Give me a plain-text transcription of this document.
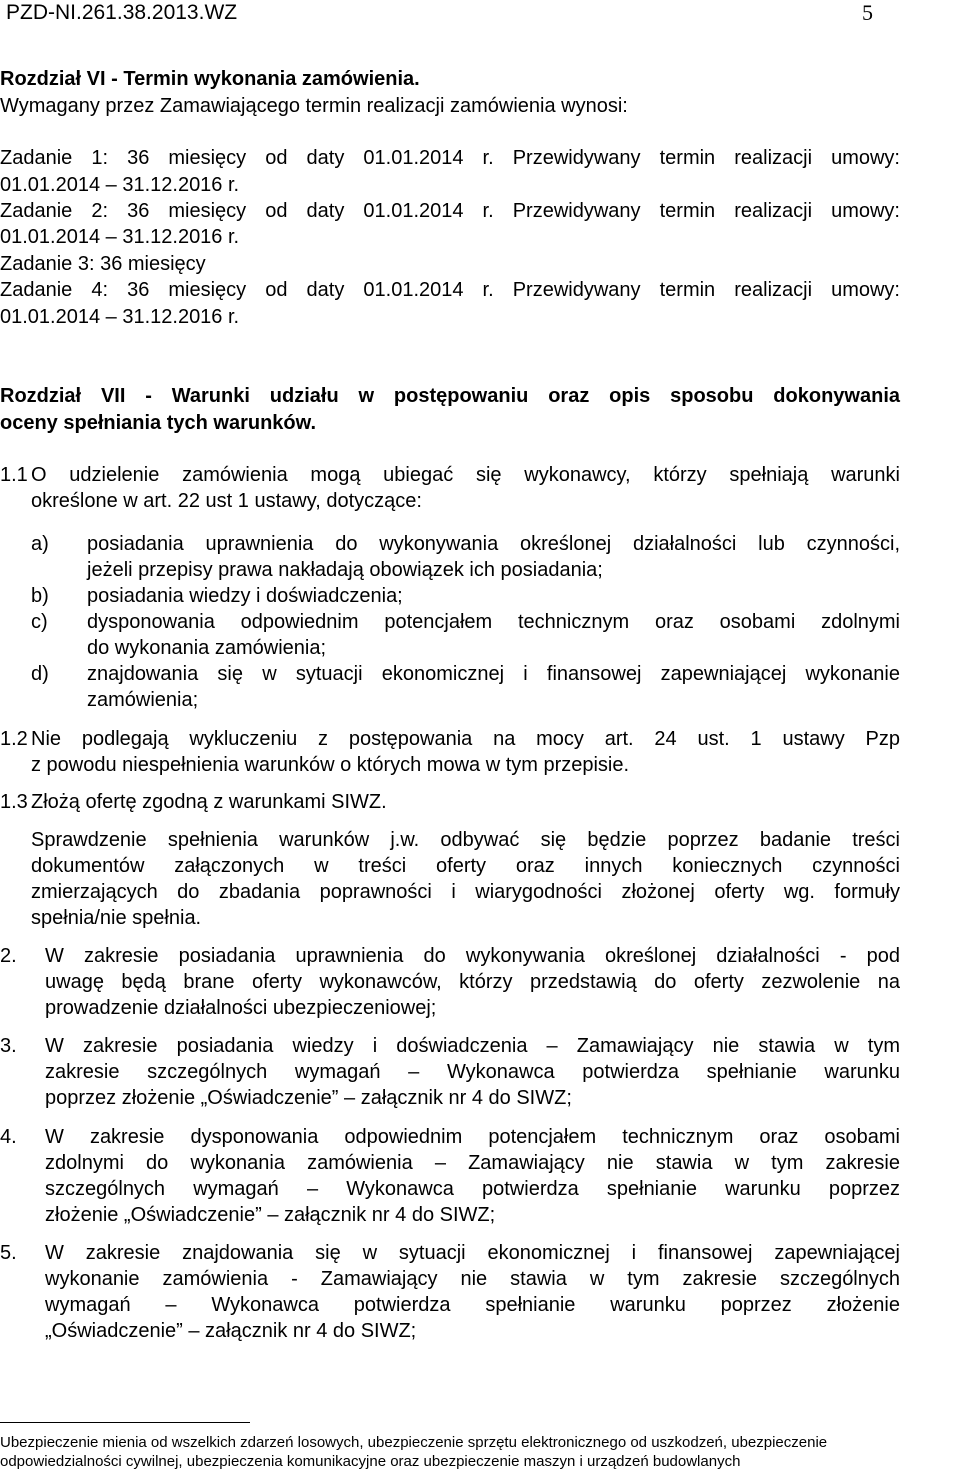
PZD-NI.261.38.2013.WZ	5
Rozdział VI - Termin wykonania zamówienia.
Wymagany przez Zamawiającego termin realizacji zamówienia wynosi:
Zadanie 1: 36 miesięcy od daty 01.01.2014 r. Przewidywany termin realizacji umowy:
01.01.2014 – 31.12.2016 r.
Zadanie 2: 36 miesięcy od daty 01.01.2014 r. Przewidywany termin realizacji umowy:
01.01.2014 – 31.12.2016 r.
Zadanie 3: 36 miesięcy
Zadanie 4: 36 miesięcy od daty 01.01.2014 r. Przewidywany termin realizacji umowy:
01.01.2014 – 31.12.2016 r.
Rozdział VII - Warunki udziału w postępowaniu oraz opis sposobu dokonywania
oceny spełniania tych warunków.
1.1 O udzielenie zamówienia mogą ubiegać się wykonawcy, którzy spełniają warunki
określone w art. 22 ust 1 ustawy, dotyczące:
a) posiadania uprawnienia do wykonywania określonej działalności lub czynności,
jeżeli przepisy prawa nakładają obowiązek ich posiadania;
b) posiadania wiedzy i doświadczenia;
c) dysponowania odpowiednim potencjałem technicznym oraz osobami zdolnymi
do wykonania zamówienia;
d) znajdowania się w sytuacji ekonomicznej i finansowej zapewniającej wykonanie
zamówienia;
1.2 Nie podlegają wykluczeniu z postępowania na mocy art. 24 ust. 1 ustawy Pzp
z powodu niespełnienia warunków o których mowa w tym przepisie.
1.3 Złożą ofertę zgodną z warunkami SIWZ.
Sprawdzenie spełnienia warunków j.w. odbywać się będzie poprzez badanie treści
dokumentów załączonych w treści oferty oraz innych koniecznych czynności
zmierzających do zbadania poprawności i wiarygodności złożonej oferty wg. formuły
spełnia/nie spełnia.
2. W zakresie posiadania uprawnienia do wykonywania określonej działalności - pod
uwagę będą brane oferty wykonawców, którzy przedstawią do oferty zezwolenie na
prowadzenie działalności ubezpieczeniowej;
3. W zakresie posiadania wiedzy i doświadczenia – Zamawiający nie stawia w tym
zakresie szczególnych wymagań – Wykonawca potwierdza spełnianie warunku
poprzez złożenie „Oświadczenie” – załącznik nr 4 do SIWZ;
4. W zakresie dysponowania odpowiednim potencjałem technicznym oraz osobami
zdolnymi do wykonania zamówienia – Zamawiający nie stawia w tym zakresie
szczególnych wymagań – Wykonawca potwierdza spełnianie warunku poprzez
złożenie „Oświadczenie” – załącznik nr 4 do SIWZ;
5. W zakresie znajdowania się w sytuacji ekonomicznej i finansowej zapewniającej
wykonanie zamówienia - Zamawiający nie stawia w tym zakresie szczególnych
wymagań – Wykonawca potwierdza spełnianie warunku poprzez złożenie
„Oświadczenie” – załącznik nr 4 do SIWZ;
Ubezpieczenie mienia od wszelkich zdarzeń losowych, ubezpieczenie sprzętu elektronicznego od uszkodzeń, ubezpieczenie
odpowiedzialności cywilnej, ubezpieczenia komunikacyjne oraz ubezpieczenie maszyn i urządzeń budowlanych
